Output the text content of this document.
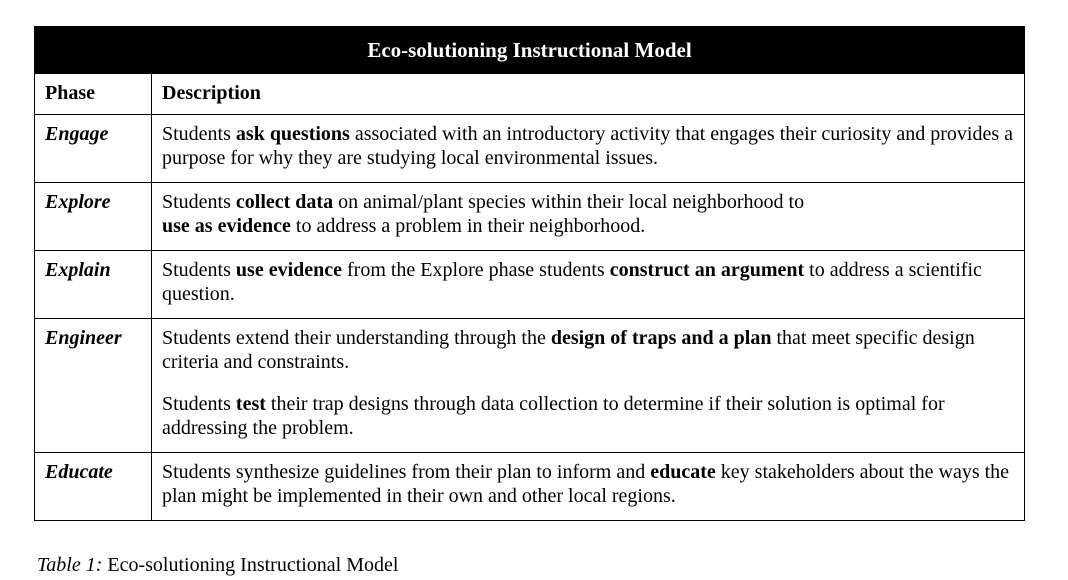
Eco-solutioning Instructional Model	
Phase	Description
Engage	Students ask questions associated with an introductory activity that engages their curiosity and provides a purpose for why they are studying local environmental issues.
Explore	Students collect data on animal/plant species within their local neighborhood to
use as evidence to address a problem in their neighborhood.
Explain	Students use evidence from the Explore phase students construct an argument to address a scientific question.
Engineer	Students extend their understanding through the design of traps and a plan that meet specific design criteria and constraints.
Students test their trap designs through data collection to determine if their solution is optimal for addressing the problem.

Educate	Students synthesize guidelines from their plan to inform and educate key stakeholders about the ways the plan might be implemented in their own and other local regions.
Table 1: Eco-solutioning Instructional Model
